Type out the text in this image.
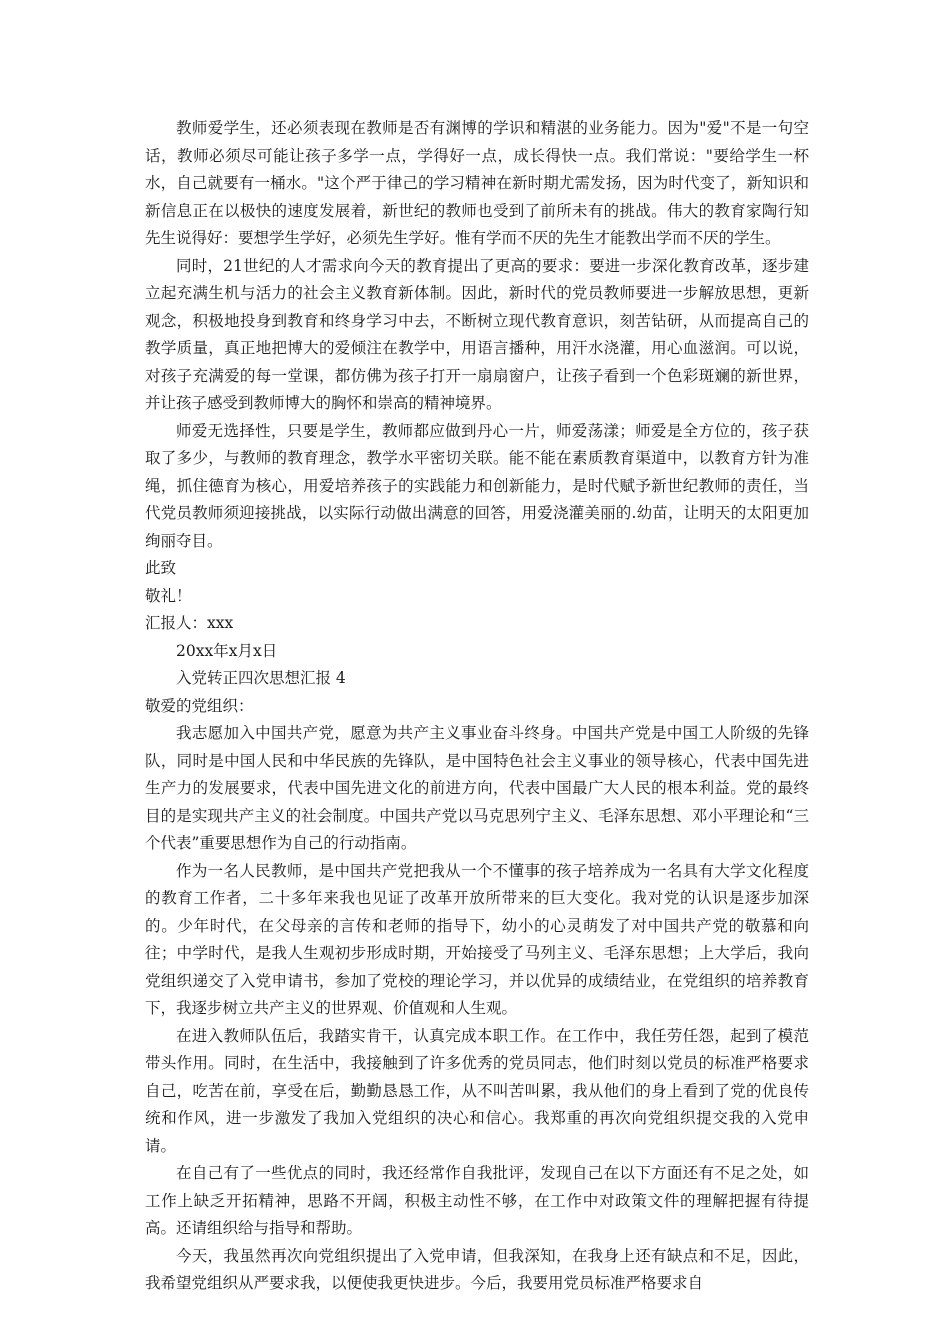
教师爱学生，还必须表现在教师是否有渊博的学识和精湛的业务能力。因为"爱"不是一句空话，教师必须尽可能让孩子多学一点，学得好一点，成长得快一点。我们常说："要给学生一杯水，自己就要有一桶水。"这个严于律己的学习精神在新时期尤需发扬，因为时代变了，新知识和新信息正在以极快的速度发展着，新世纪的教师也受到了前所未有的挑战。伟大的教育家陶行知先生说得好：要想学生学好，必须先生学好。惟有学而不厌的先生才能教出学而不厌的学生。

同时，21世纪的人才需求向今天的教育提出了更高的要求：要进一步深化教育改革，逐步建立起充满生机与活力的社会主义教育新体制。因此，新时代的党员教师要进一步解放思想，更新观念，积极地投身到教育和终身学习中去，不断树立现代教育意识，刻苦钻研，从而提高自己的教学质量，真正地把博大的爱倾注在教学中，用语言播种，用汗水浇灌，用心血滋润。可以说，对孩子充满爱的每一堂课，都仿佛为孩子打开一扇扇窗户，让孩子看到一个色彩斑斓的新世界，并让孩子感受到教师博大的胸怀和崇高的精神境界。

师爱无选择性，只要是学生，教师都应做到丹心一片，师爱荡漾；师爱是全方位的，孩子获取了多少，与教师的教育理念，教学水平密切关联。能不能在素质教育渠道中，以教育方针为准绳，抓住德育为核心，用爱培养孩子的实践能力和创新能力，是时代赋予新世纪教师的责任，当代党员教师须迎接挑战，以实际行动做出满意的回答，用爱浇灌美丽的.幼苗，让明天的太阳更加绚丽夺目。

此致

敬礼！

汇报人：xxx

20xx年x月x日

入党转正四次思想汇报 4

敬爱的党组织：

我志愿加入中国共产党，愿意为共产主义事业奋斗终身。中国共产党是中国工人阶级的先锋队，同时是中国人民和中华民族的先锋队，是中国特色社会主义事业的领导核心，代表中国先进生产力的发展要求，代表中国先进文化的前进方向，代表中国最广大人民的根本利益。党的最终目的是实现共产主义的社会制度。中国共产党以马克思列宁主义、毛泽东思想、邓小平理论和“三个代表”重要思想作为自己的行动指南。

作为一名人民教师，是中国共产党把我从一个不懂事的孩子培养成为一名具有大学文化程度的教育工作者，二十多年来我也见证了改革开放所带来的巨大变化。我对党的认识是逐步加深的。少年时代，在父母亲的言传和老师的指导下，幼小的心灵萌发了对中国共产党的敬慕和向往；中学时代，是我人生观初步形成时期，开始接受了马列主义、毛泽东思想；上大学后，我向党组织递交了入党申请书，参加了党校的理论学习，并以优异的成绩结业，在党组织的培养教育下，我逐步树立共产主义的世界观、价值观和人生观。

在进入教师队伍后，我踏实肯干，认真完成本职工作。在工作中，我任劳任怨，起到了模范带头作用。同时，在生活中，我接触到了许多优秀的党员同志，他们时刻以党员的标准严格要求自己，吃苦在前，享受在后，勤勤恳恳工作，从不叫苦叫累，我从他们的身上看到了党的优良传统和作风，进一步激发了我加入党组织的决心和信心。我郑重的再次向党组织提交我的入党申请。

在自己有了一些优点的同时，我还经常作自我批评，发现自己在以下方面还有不足之处，如工作上缺乏开拓精神，思路不开阔，积极主动性不够，在工作中对政策文件的理解把握有待提高。还请组织给与指导和帮助。

今天，我虽然再次向党组织提出了入党申请，但我深知，在我身上还有缺点和不足，因此，我希望党组织从严要求我，以便使我更快进步。今后，我要用党员标准严格要求自
